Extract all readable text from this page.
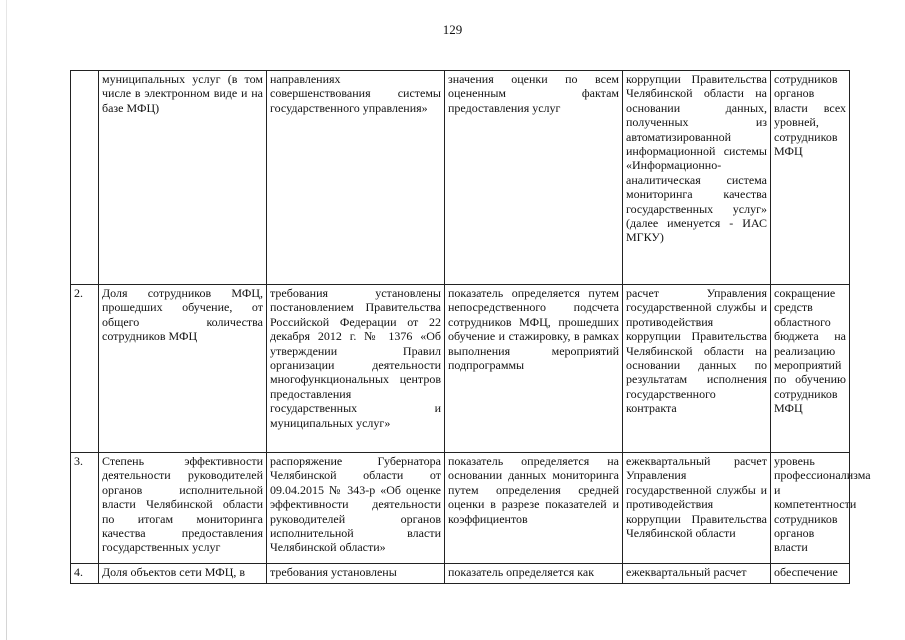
129
	муниципальных услуг (в том числе в электронном виде и на базе МФЦ)	направлениях совершенствования системы государственного управления»	значения оценки по всем оцененным фактам предоставления услуг	коррупции Правительства Челябинской области на основании данных, полученных из автоматизированной информационной системы «Информационно-аналитическая система мониторинга качества государственных услуг» (далее именуется - ИАС МГКУ)	сотрудников органов власти всех уровней, сотрудников МФЦ
2.	Доля сотрудников МФЦ, прошедших обучение, от общего количества сотрудников МФЦ	требования установлены постановлением Правительства Российской Федерации от 22 декабря 2012 г. № 1376 «Об утверждении Правил организации деятельности многофункциональных центров предоставления государственных и муниципальных услуг»	показатель определяется путем непосредственного подсчета сотрудников МФЦ, прошедших обучение и стажировку, в рамках выполнения мероприятий подпрограммы	расчет Управления государственной службы и противодействия коррупции Правительства Челябинской области на основании данных по результатам исполнения государственного контракта	сокращение средств областного бюджета на реализацию мероприятий по обучению сотрудников МФЦ
3.	Степень эффективности деятельности руководителей органов исполнительной власти Челябинской области по итогам мониторинга качества предоставления государственных услуг	распоряжение Губернатора Челябинской области от 09.04.2015 № 343-р «Об оценке эффективности деятельности руководителей органов исполнительной власти Челябинской области»	показатель определяется на основании данных мониторинга путем определения средней оценки в разрезе показателей и коэффициентов	ежеквартальный расчет Управления государственной службы и противодействия коррупции Правительства Челябинской области	уровень профессионализма и компетентности сотрудников органов власти
4.	Доля объектов сети МФЦ, в	требования установлены	показатель определяется как	ежеквартальный расчет	обеспечение
